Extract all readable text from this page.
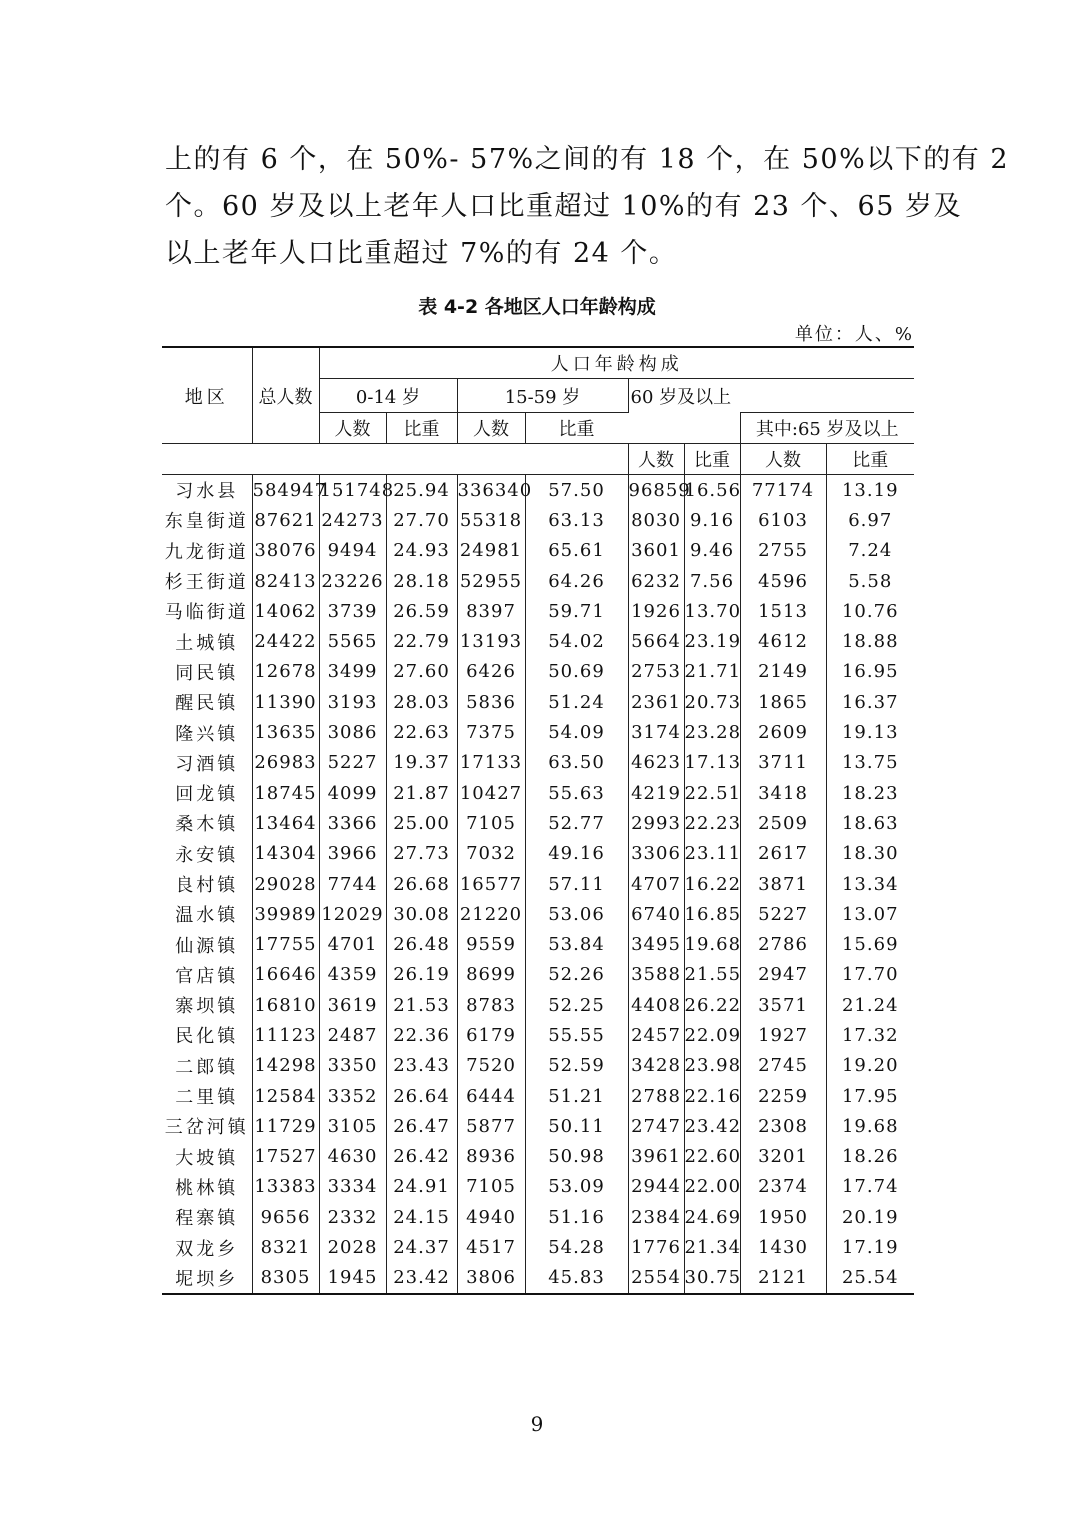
上的有 6 个，在 50%- 57%之间的有 18 个，在 50%以下的有 2

个。60 岁及以上老年人口比重超过 10%的有 23 个、65 岁及

以上老年人口比重超过 7%的有 24 个。

表 4-2 各地区人口年龄构成
单位：人、%
地区	总人数	人口年龄构成							
		0-14 岁		15-59 岁		60 岁及以上			
		人数	比重	人数	比重				
								其中:65 岁及以上	
						人数	比重	人数	比重
习水县	584947	151748	25.94	336340	57.50	96859	16.56	77174	13.19
东皇街道	87621	24273	27.70	55318	63.13	8030	9.16	6103	6.97
九龙街道	38076	9494	24.93	24981	65.61	3601	9.46	2755	7.24
杉王街道	82413	23226	28.18	52955	64.26	6232	7.56	4596	5.58
马临街道	14062	3739	26.59	8397	59.71	1926	13.70	1513	10.76
土城镇	24422	5565	22.79	13193	54.02	5664	23.19	4612	18.88
同民镇	12678	3499	27.60	6426	50.69	2753	21.71	2149	16.95
醒民镇	11390	3193	28.03	5836	51.24	2361	20.73	1865	16.37
隆兴镇	13635	3086	22.63	7375	54.09	3174	23.28	2609	19.13
习酒镇	26983	5227	19.37	17133	63.50	4623	17.13	3711	13.75
回龙镇	18745	4099	21.87	10427	55.63	4219	22.51	3418	18.23
桑木镇	13464	3366	25.00	7105	52.77	2993	22.23	2509	18.63
永安镇	14304	3966	27.73	7032	49.16	3306	23.11	2617	18.30
良村镇	29028	7744	26.68	16577	57.11	4707	16.22	3871	13.34
温水镇	39989	12029	30.08	21220	53.06	6740	16.85	5227	13.07
仙源镇	17755	4701	26.48	9559	53.84	3495	19.68	2786	15.69
官店镇	16646	4359	26.19	8699	52.26	3588	21.55	2947	17.70
寨坝镇	16810	3619	21.53	8783	52.25	4408	26.22	3571	21.24
民化镇	11123	2487	22.36	6179	55.55	2457	22.09	1927	17.32
二郎镇	14298	3350	23.43	7520	52.59	3428	23.98	2745	19.20
二里镇	12584	3352	26.64	6444	51.21	2788	22.16	2259	17.95
三岔河镇	11729	3105	26.47	5877	50.11	2747	23.42	2308	19.68
大坡镇	17527	4630	26.42	8936	50.98	3961	22.60	3201	18.26
桃林镇	13383	3334	24.91	7105	53.09	2944	22.00	2374	17.74
程寨镇	9656	2332	24.15	4940	51.16	2384	24.69	1950	20.19
双龙乡	8321	2028	24.37	4517	54.28	1776	21.34	1430	17.19
坭坝乡	8305	1945	23.42	3806	45.83	2554	30.75	2121	25.54
9
